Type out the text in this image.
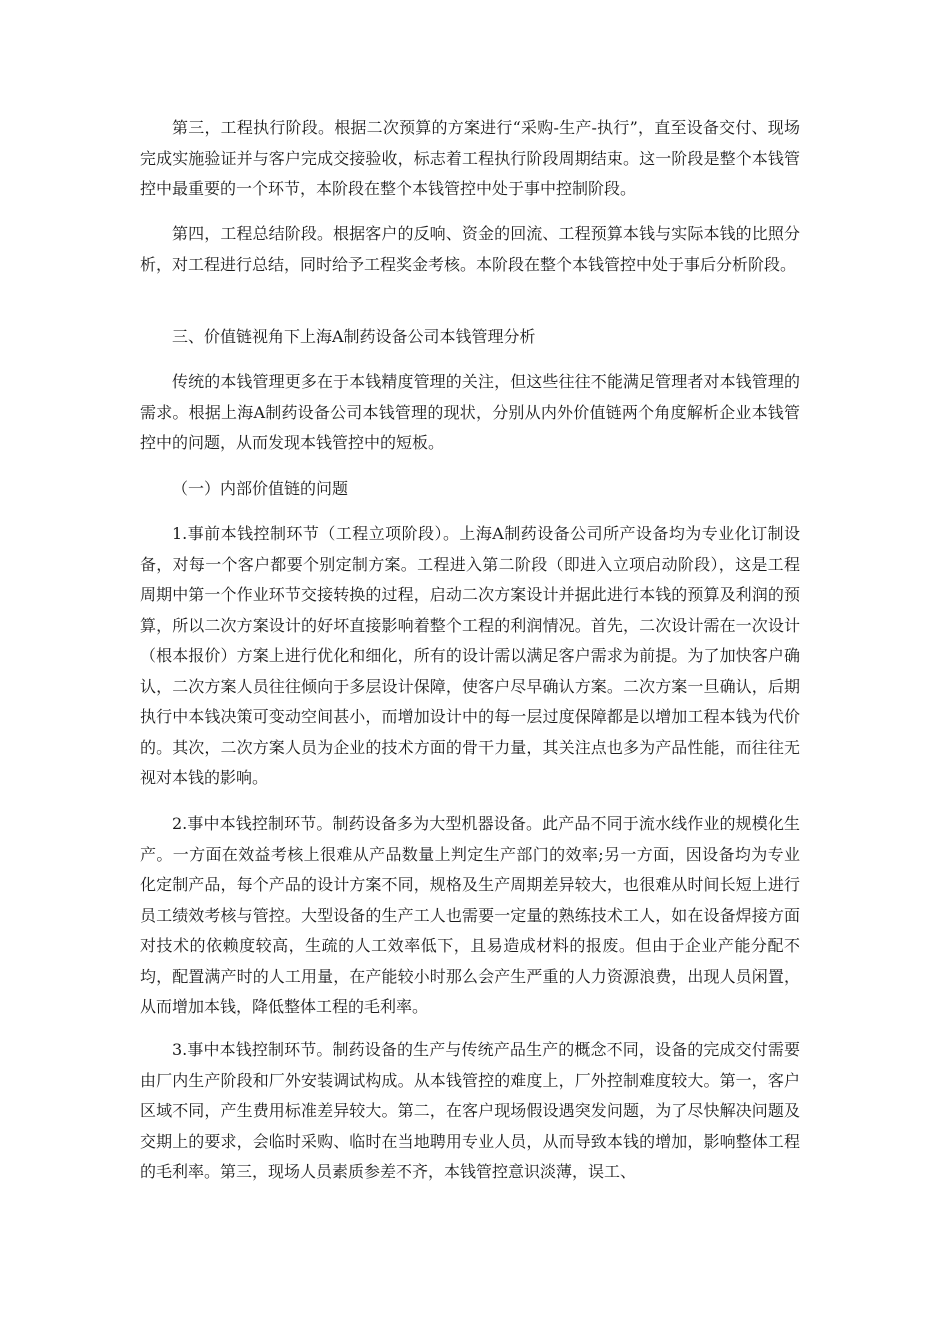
第三，工程执行阶段。根据二次预算的方案进行“采购-生产-执行”，直至设备交付、现场完成实施验证并与客户完成交接验收，标志着工程执行阶段周期结束。这一阶段是整个本钱管控中最重要的一个环节，本阶段在整个本钱管控中处于事中控制阶段。

第四，工程总结阶段。根据客户的反响、资金的回流、工程预算本钱与实际本钱的比照分析，对工程进行总结，同时给予工程奖金考核。本阶段在整个本钱管控中处于事后分析阶段。

三、价值链视角下上海A制药设备公司本钱管理分析

传统的本钱管理更多在于本钱精度管理的关注，但这些往往不能满足管理者对本钱管理的需求。根据上海A制药设备公司本钱管理的现状，分别从内外价值链两个角度解析企业本钱管控中的问题，从而发现本钱管控中的短板。

（一）内部价值链的问题

1.事前本钱控制环节（工程立项阶段）。上海A制药设备公司所产设备均为专业化订制设备，对每一个客户都要个别定制方案。工程进入第二阶段（即进入立项启动阶段），这是工程周期中第一个作业环节交接转换的过程，启动二次方案设计并据此进行本钱的预算及利润的预算，所以二次方案设计的好坏直接影响着整个工程的利润情况。首先，二次设计需在一次设计（根本报价）方案上进行优化和细化，所有的设计需以满足客户需求为前提。为了加快客户确认，二次方案人员往往倾向于多层设计保障，使客户尽早确认方案。二次方案一旦确认，后期执行中本钱决策可变动空间甚小，而增加设计中的每一层过度保障都是以增加工程本钱为代价的。其次，二次方案人员为企业的技术方面的骨干力量，其关注点也多为产品性能，而往往无视对本钱的影响。

2.事中本钱控制环节。制药设备多为大型机器设备。此产品不同于流水线作业的规模化生产。一方面在效益考核上很难从产品数量上判定生产部门的效率;另一方面，因设备均为专业化定制产品，每个产品的设计方案不同，规格及生产周期差异较大，也很难从时间长短上进行员工绩效考核与管控。大型设备的生产工人也需要一定量的熟练技术工人，如在设备焊接方面对技术的依赖度较高，生疏的人工效率低下，且易造成材料的报废。但由于企业产能分配不均，配置满产时的人工用量，在产能较小时那么会产生严重的人力资源浪费，出现人员闲置，从而增加本钱，降低整体工程的毛利率。

3.事中本钱控制环节。制药设备的生产与传统产品生产的概念不同，设备的完成交付需要由厂内生产阶段和厂外安装调试构成。从本钱管控的难度上，厂外控制难度较大。第一，客户区域不同，产生费用标准差异较大。第二，在客户现场假设遇突发问题，为了尽快解决问题及交期上的要求，会临时采购、临时在当地聘用专业人员，从而导致本钱的增加，影响整体工程的毛利率。第三，现场人员素质参差不齐，本钱管控意识淡薄，误工、
